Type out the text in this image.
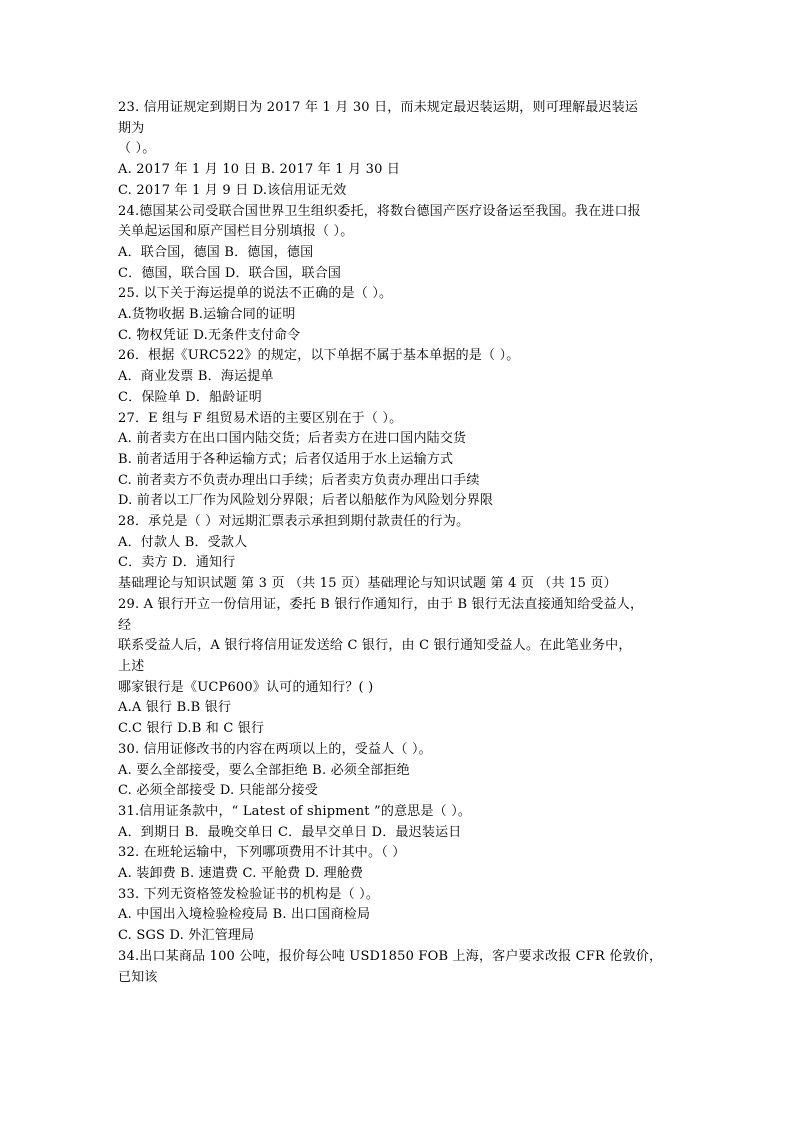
23. 信用证规定到期日为 2017 年 1 月 30 日，而未规定最迟装运期，则可理解最迟装运
期为
（ ）。
A. 2017 年 1 月 10 日 B. 2017 年 1 月 30 日
C. 2017 年 1 月 9 日 D.该信用证无效
24.德国某公司受联合国世界卫生组织委托，将数台德国产医疗设备运至我国。我在进口报
关单起运国和原产国栏目分别填报（ ）。
A．联合国，德国 B．德国，德国
C．德国，联合国 D．联合国，联合国
25. 以下关于海运提单的说法不正确的是（ ）。
A.货物收据 B.运输合同的证明
C. 物权凭证 D.无条件支付命令
26．根据《URC522》的规定，以下单据不属于基本单据的是（ ）。
A．商业发票 B．海运提单
C．保险单 D．船龄证明
27．E 组与 F 组贸易术语的主要区别在于（ ）。
A. 前者卖方在出口国内陆交货；后者卖方在进口国内陆交货
B. 前者适用于各种运输方式；后者仅适用于水上运输方式
C. 前者卖方不负责办理出口手续；后者卖方负责办理出口手续
D. 前者以工厂作为风险划分界限；后者以船舷作为风险划分界限
28．承兑是（ ）对远期汇票表示承担到期付款责任的行为。
A．付款人 B．受款人
C．卖方 D．通知行
基础理论与知识试题 第 3 页 （共 15 页）基础理论与知识试题 第 4 页 （共 15 页）
29. A 银行开立一份信用证，委托 B 银行作通知行，由于 B 银行无法直接通知给受益人，
经
联系受益人后，A 银行将信用证发送给 C 银行，由 C 银行通知受益人。在此笔业务中，
上述
哪家银行是《UCP600》认可的通知行？( )
A.A 银行 B.B 银行
C.C 银行 D.B 和 C 银行
30. 信用证修改书的内容在两项以上的，受益人（ ）。
A. 要么全部接受，要么全部拒绝 B. 必须全部拒绝
C. 必须全部接受 D. 只能部分接受
31.信用证条款中，“ Latest of shipment ”的意思是（ ）。
A．到期日 B．最晚交单日 C．最早交单日 D．最迟装运日
32. 在班轮运输中，下列哪项费用不计其中。（ ）
A. 装卸费 B. 速遣费 C. 平舱费 D. 理舱费
33. 下列无资格签发检验证书的机构是（ ）。
A. 中国出入境检验检疫局 B. 出口国商检局
C. SGS D. 外汇管理局
34.出口某商品 100 公吨，报价每公吨 USD1850 FOB 上海，客户要求改报 CFR 伦敦价，
已知该
